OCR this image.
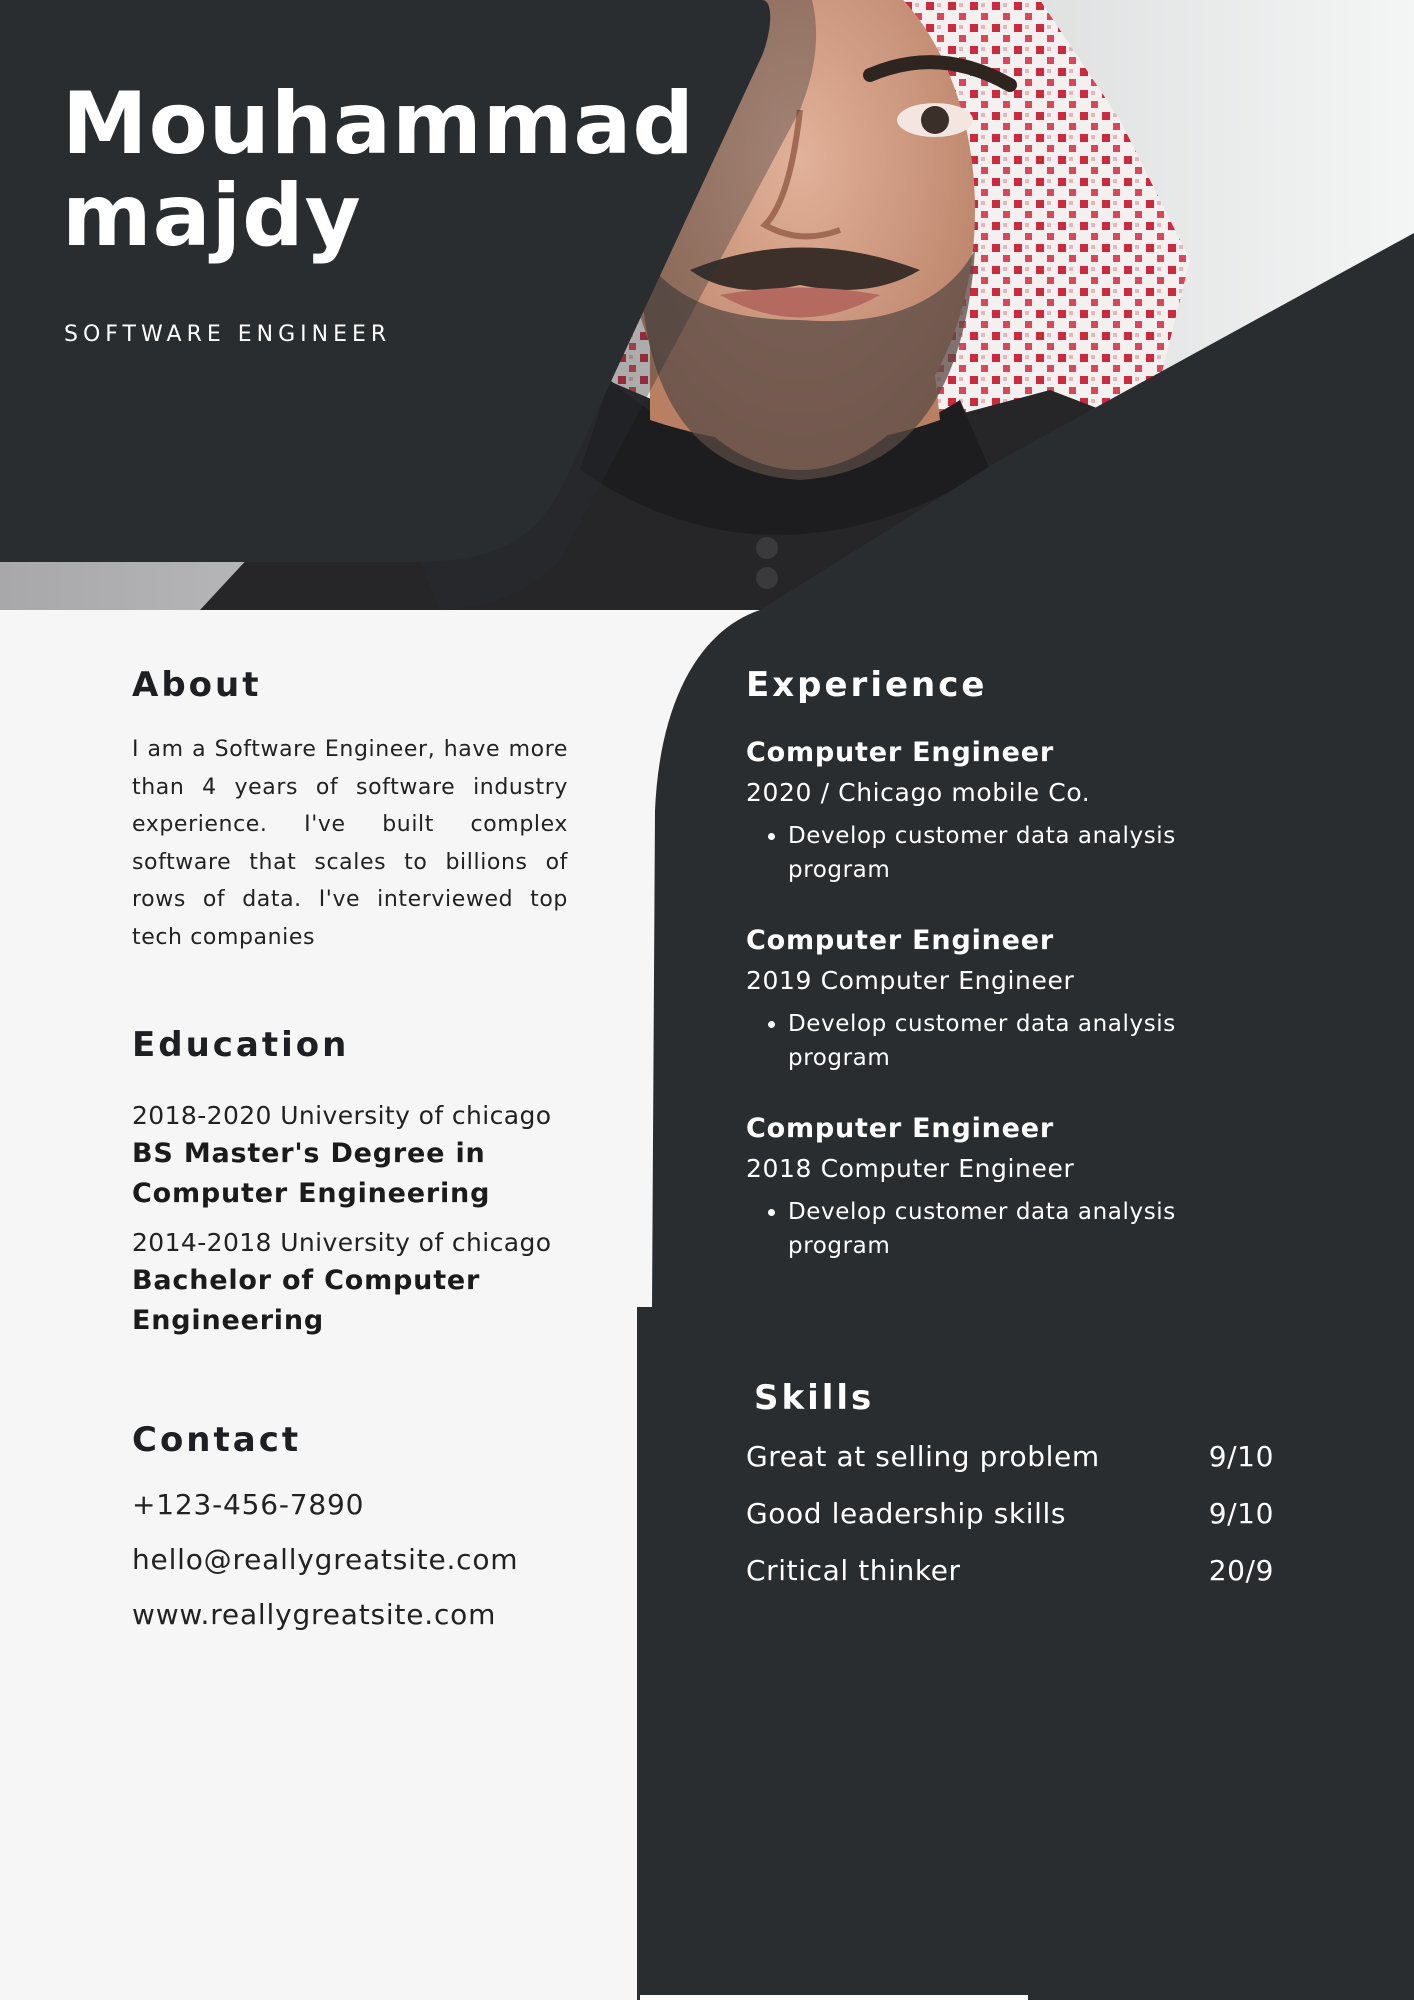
Mouhammad
majdy

SOFTWARE ENGINEER

About

I am a Software Engineer, have more than 4 years of software industry experience. I've built complex software that scales to billions of rows of data. I've interviewed top tech companies

Education

2018-2020 University of chicago

BS Master's Degree in Computer Engineering

2014-2018 University of chicago

Bachelor of Computer Engineering

Contact

+123-456-7890

hello@reallygreatsite.com

www.reallygreatsite.com

Experience

Computer Engineer

2020 / Chicago mobile Co.

• Develop customer data analysis program

Computer Engineer

2019 Computer Engineer

• Develop customer data analysis program

Computer Engineer

2018 Computer Engineer

• Develop customer data analysis program
Skills
Great at selling problem	9/10
Good leadership skills	9/10
Critical thinker	20/9
